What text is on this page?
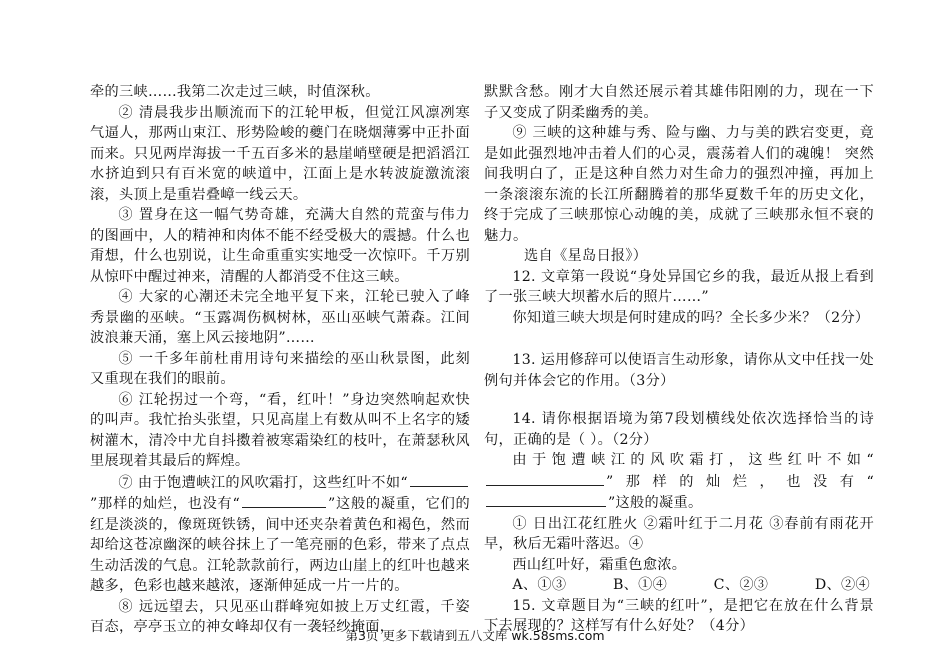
牵的三峡……我第二次走过三峡，时值深秋。

② 清晨我步出顺流而下的江轮甲板，但觉江风凛冽寒气逼人，那两山束江、形势险峻的夔门在晓烟薄雾中正扑面而来。只见两岸海拔一千五百多米的悬崖峭壁硬是把滔滔江水挤迫到只有百米宽的峡道中，江面上是水转波旋激流滚滚，头顶上是重岩叠嶂一线云天。

③ 置身在这一幅气势奇雄，充满大自然的荒蛮与伟力的图画中，人的精神和肉体不能不经受极大的震撼。什么也甭想，什么也别说，让生命重重实实地受一次惊吓。千万别从惊吓中醒过神来，清醒的人都消受不住这三峡。

④ 大家的心潮还未完全地平复下来，江轮已驶入了峰秀景幽的巫峡。“玉露凋伤枫树林，巫山巫峡气萧森。江间波浪兼天涌，塞上风云接地阴”……

⑤ 一千多年前杜甫用诗句来描绘的巫山秋景图，此刻又重现在我们的眼前。

⑥ 江轮拐过一个弯，“看，红叶！”身边突然响起欢快的叫声。我忙抬头张望，只见高崖上有数从叫不上名字的矮树灌木，清冷中尤自抖擞着被寒霜染红的枝叶，在萧瑟秋风里展现着其最后的辉煌。

⑦ 由于饱遭峡江的风吹霜打，这些红叶不如“”那样的灿烂，也没有“	”这般的凝重，它们的红是淡淡的，像斑斑铁锈，间中还夹杂着黄色和褐色，然而却给这苍凉幽深的峡谷抹上了一笔亮丽的色彩，带来了点点生动活泼的气息。江轮款款前行，两边山崖上的红叶也越来越多，色彩也越来越浓，逐渐伸延成一片一片的。

⑧ 远远望去，只见巫山群峰宛如披上万丈红霞，千姿百态，亭亭玉立的神女峰却仅有一袭轻纱掩面，

默默含愁。刚才大自然还展示着其雄伟阳刚的力，现在一下子又变成了阴柔幽秀的美。

⑨ 三峡的这种雄与秀、险与幽、力与美的跌宕变更，竟是如此强烈地冲击着人们的心灵，震荡着人们的魂魄！ 突然间我明白了，正是这种自然力对生命力的强烈冲撞，再加上一条滚滚东流的长江所翻腾着的那华夏数千年的历史文化，终于完成了三峡那惊心动魄的美，成就了三峡那永恒不衰的魅力。

选自《星岛日报》）

12. 文章第一段说“身处异国它乡的我，最近从报上看到了一张三峡大坝蓄水后的照片……”

你知道三峡大坝是何时建成的吗？全长多少米？（2分）

13. 运用修辞可以使语言生动形象，请你从文中任找一处例句并体会它的作用。（3分）

14. 请你根据语境为第7段划横线处依次选择恰当的诗句，正确的是（ ）。（2分）

由于饱遭峡江的风吹霜打，这些红叶不如“”那样的灿烂，也没有“”这般的凝重。

① 日出江花红胜火 ②霜叶红于二月花 ③春前有雨花开早，秋后无霜叶落迟。④

西山红叶好，霜重色愈浓。

A、①③	B、①④	C、②③	D、②④

15. 文章题目为“三峡的红叶”，是把它在放在什么背景下去展现的？这样写有什么好处？（4分）

第3页 更多下载请到五八文库 wk.58sms.com
